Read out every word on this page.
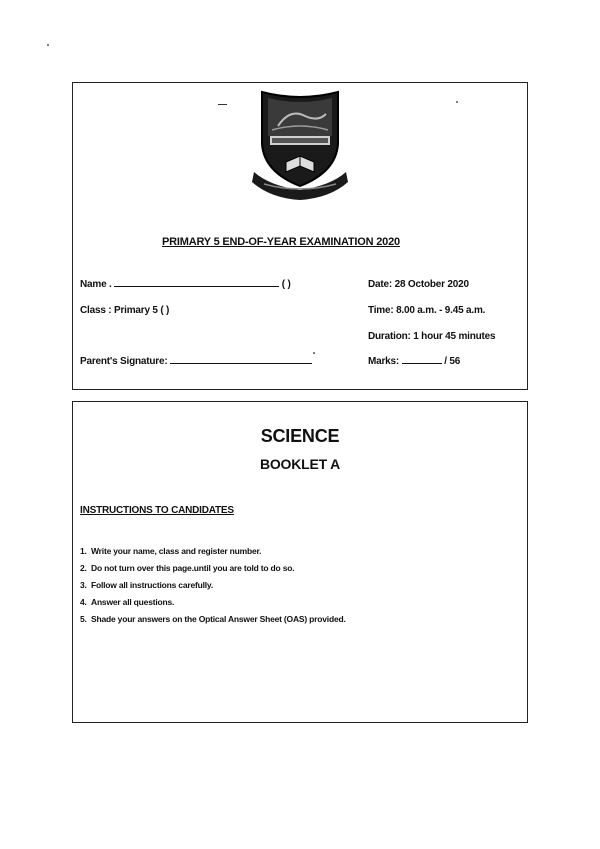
PRIMARY 5 END-OF-YEAR EXAMINATION 2020
Name .	( )
Class : Primary 5 ( )
Parent's Signature:
Date: 28 October 2020
Time: 8.00 a.m. - 9.45 a.m.
Duration: 1 hour 45 minutes
Marks:	/ 56
SCIENCE
BOOKLET A
INSTRUCTIONS TO CANDIDATES
1. Write your name, class and register number.
2. Do not turn over this page.until you are told to do so.
3. Follow all instructions carefully.
4. Answer all questions.
5. Shade your answers on the Optical Answer Sheet (OAS) provided.
